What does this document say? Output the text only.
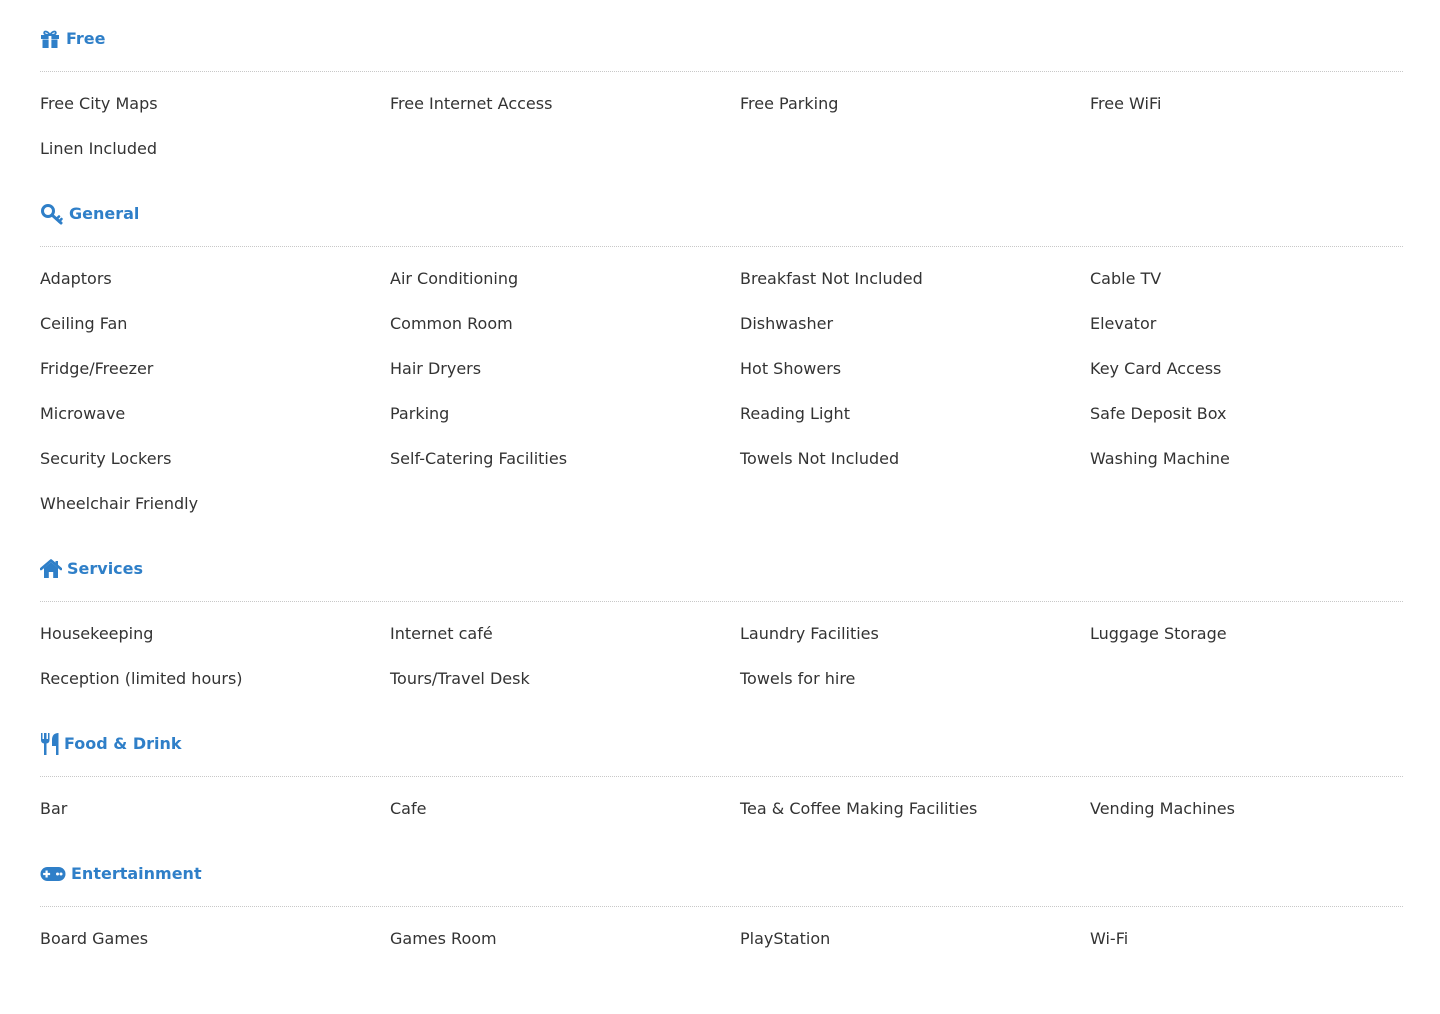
Free
Free City Maps	Free Internet Access	Free Parking	Free WiFi
Linen Included
General
Adaptors	Air Conditioning	Breakfast Not Included	Cable TV
Ceiling Fan	Common Room	Dishwasher	Elevator
Fridge/Freezer	Hair Dryers	Hot Showers	Key Card Access
Microwave	Parking	Reading Light	Safe Deposit Box
Security Lockers	Self-Catering Facilities	Towels Not Included	Washing Machine
Wheelchair Friendly
Services
Housekeeping	Internet café	Laundry Facilities	Luggage Storage
Reception (limited hours)	Tours/Travel Desk	Towels for hire
Food & Drink
Bar	Cafe	Tea & Coffee Making Facilities	Vending Machines
Entertainment
Board Games	Games Room	PlayStation	Wi-Fi
